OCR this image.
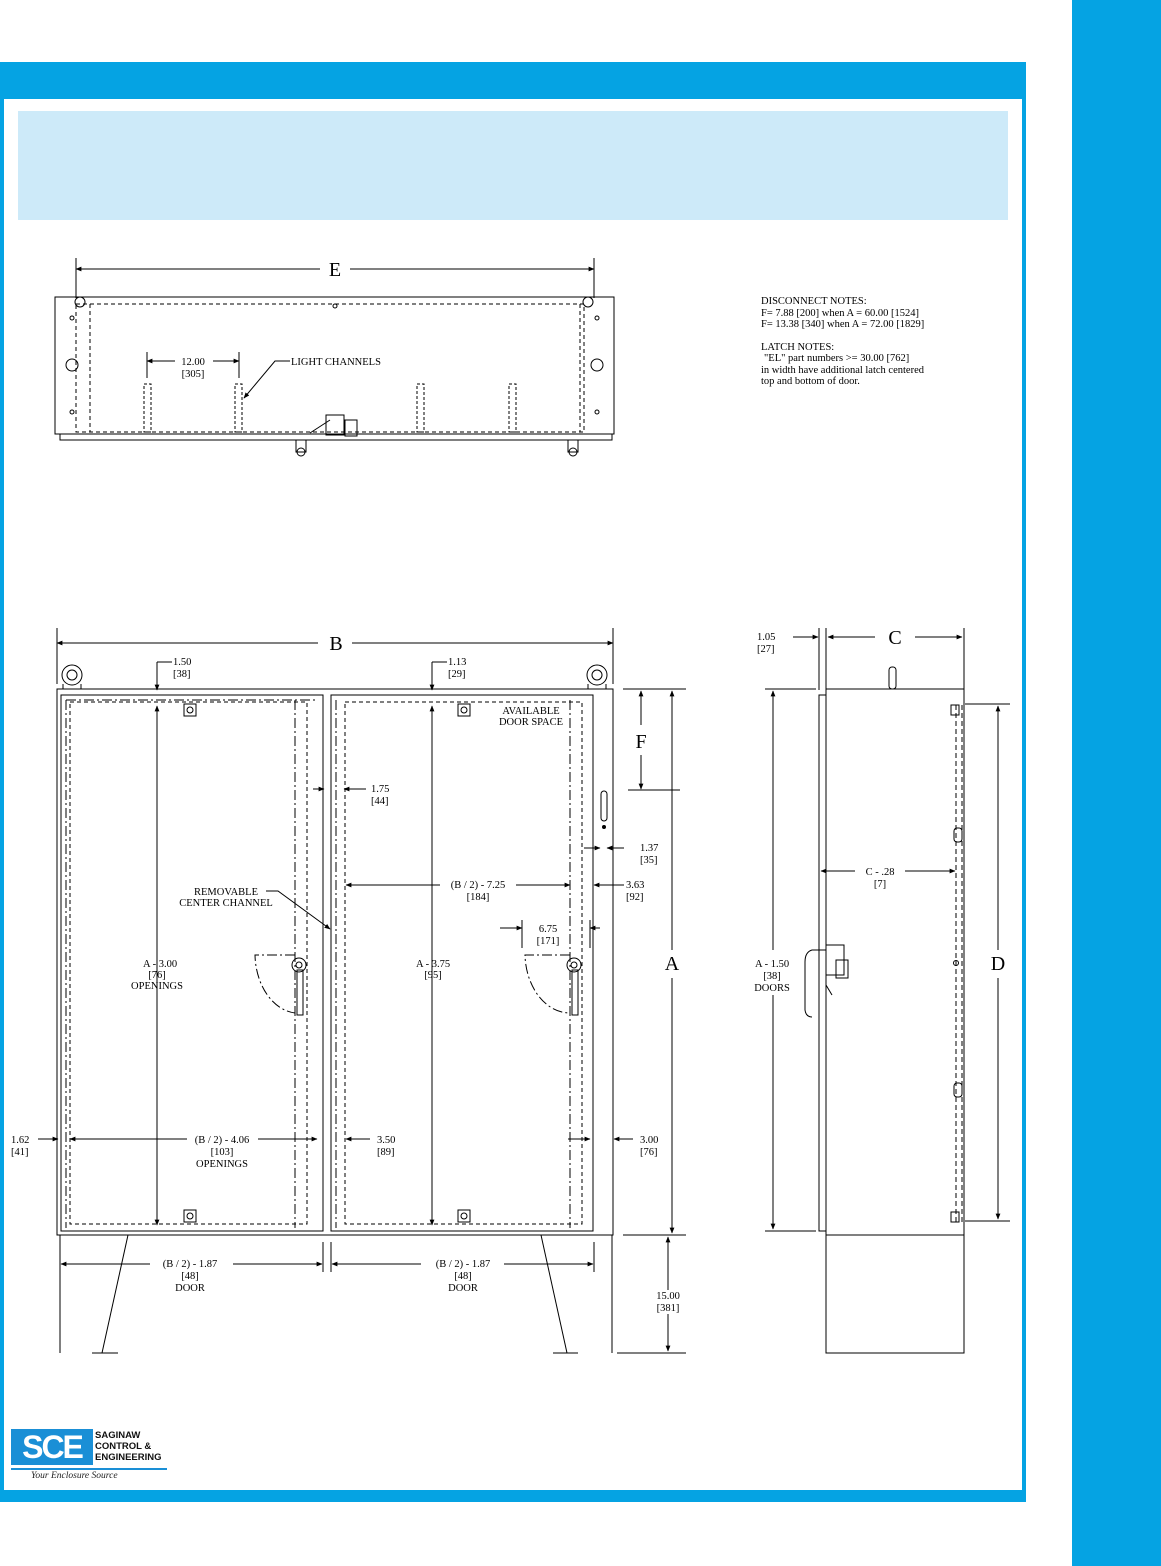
E
12.00
[305]
LIGHT CHANNELS
B
1.50
[38]
1.13
[29]
AVAILABLE
DOOR SPACE
F
1.75
[44]
1.37
[35]
REMOVABLE
CENTER CHANNEL
(B / 2) - 7.25
[184]
3.63
[92]
6.75
[171]
A - 3.00
[76]
OPENINGS
A - 3.75
[95]
A
1.62
[41]
(B / 2) - 4.06
[103]
OPENINGS
3.50
[89]
3.00
[76]
(B / 2) - 1.87
[48]
DOOR
(B / 2) - 1.87
[48]
DOOR
15.00
[381]
1.05
[27]
C
C - .28
[7]
A - 1.50
[38]
DOORS
D

DISCONNECT NOTES:

F= 7.88 [200] when A = 60.00 [1524]

F= 13.38 [340] when A = 72.00 [1829]

LATCH NOTES:

"EL" part numbers >= 30.00 [762]

in width have additional latch centered

top and bottom of door.

SCE	SAGINAW
CONTROL &
ENGINEERING
Your Enclosure Source
